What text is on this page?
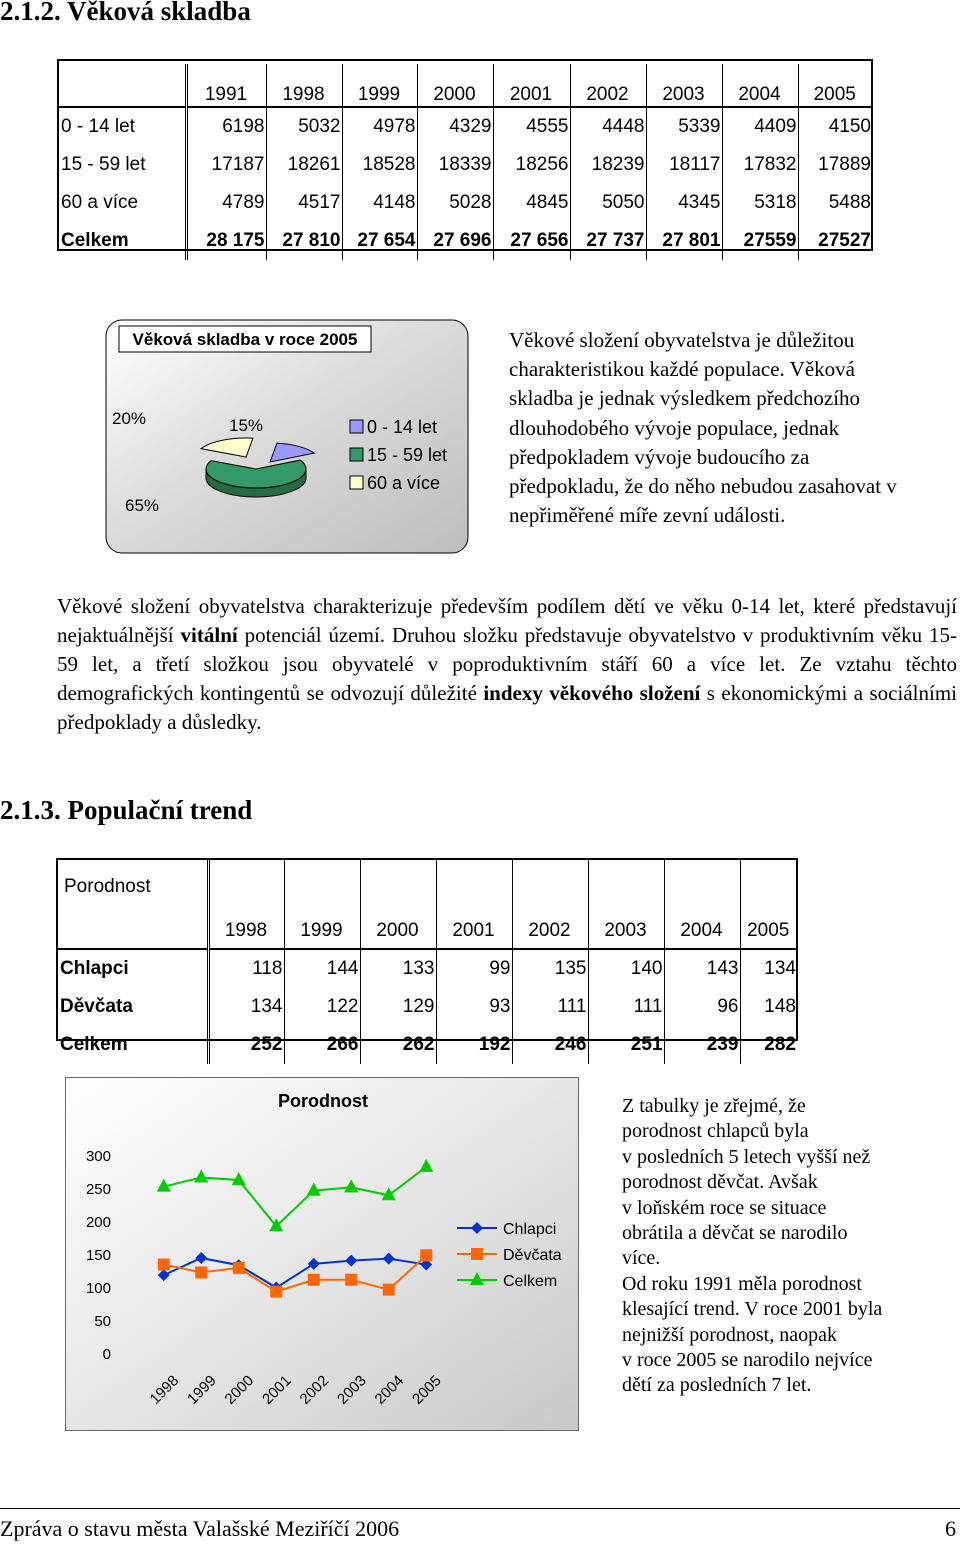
2.1.2. Věková skladba
	1991	1998	1999	2000	2001	2002	2003	2004	2005
0 - 14 let	6198	5032	4978	4329	4555	4448	5339	4409	4150
15 - 59 let	17187	18261	18528	18339	18256	18239	18117	17832	17889
60 a více	4789	4517	4148	5028	4845	5050	4345	5318	5488
Celkem	28 175	27 810	27 654	27 696	27 656	27 737	27 801	27559	27527
Věková skladba v roce 2005
15%
65%
20%	0 - 14 let
15 - 59 let
60 a více
Věkové složení obyvatelstva je důležitou charakteristikou každé populace. Věková skladba je jednak výsledkem předchozího dlouhodobého vývoje populace, jednak předpokladem vývoje budoucího za předpokladu, že do něho nebudou zasahovat v nepřiměřené míře zevní události.
Věkové složení obyvatelstva charakterizuje především podílem dětí ve věku 0-14 let, které představují nejaktuálnější vitální potenciál území. Druhou složku představuje obyvatelstvo v produktivním věku 15-59 let, a třetí složkou jsou obyvatelé v poproduktivním stáří 60 a více let. Ze vztahu těchto demografických kontingentů se odvozují důležité indexy věkového složení s ekonomickými a sociálními předpoklady a důsledky.
2.1.3. Populační trend
Porodnost	1998	1999	2000	2001	2002	2003	2004	2005
Chlapci	118	144	133	99	135	140	143	134
Děvčata	134	122	129	93	111	111	96	148
Celkem	252	266	262	192	246	251	239	282
Porodnost
0
50
100
150
200
250
300
1998 1999 2000 2001 2002 2003 2004 2005
Chlapci
Děvčata
Celkem
Z tabulky je zřejmé, že
porodnost chlapců byla
v posledních 5 letech vyšší než
porodnost děvčat. Avšak
v loňském roce se situace
obrátila a děvčat se narodilo
více.
Od roku 1991 měla porodnost
klesající trend. V roce 2001 byla
nejnižší porodnost, naopak
v roce 2005 se narodilo nejvíce
dětí za posledních 7 let.
Zpráva o stavu města Valašské Meziříčí 2006	6
